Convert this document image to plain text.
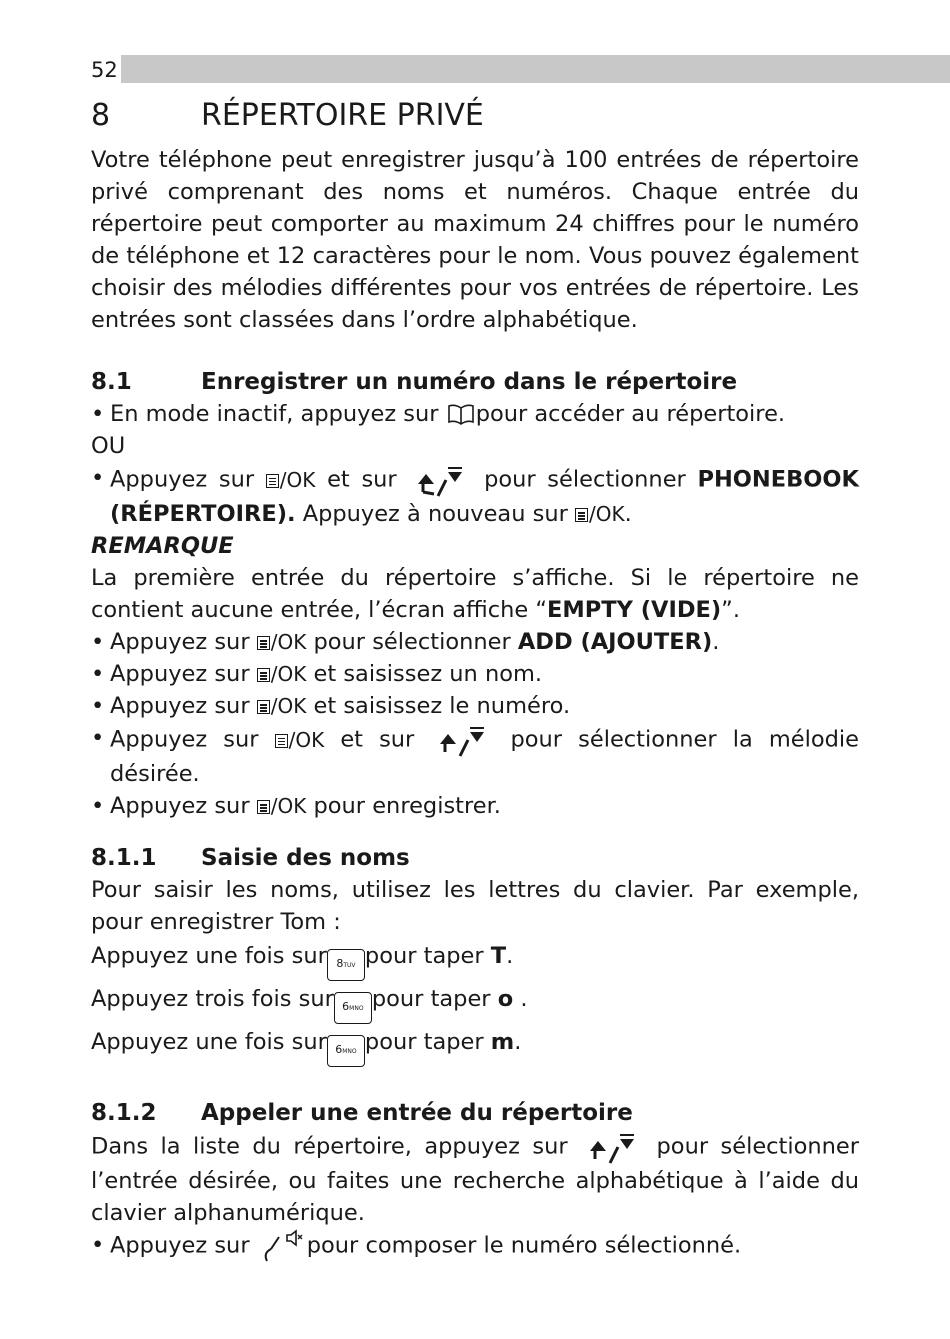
52
8	RÉPERTOIRE PRIVÉ

Votre téléphone peut enregistrer jusqu’à 100 entrées de répertoire privé comprenant des noms et numéros. Chaque entrée du répertoire peut comporter au maximum 24 chiffres pour le numéro de téléphone et 12 caractères pour le nom. Vous pouvez également choisir des mélodies différentes pour vos entrées de répertoire. Les entrées sont classées dans l’ordre alphabétique.

8.1	Enregistrer un numéro dans le répertoire
• En mode inactif, appuyez sur pour accéder au répertoire.

OU

• Appuyez sur /OK et sur	pour sélectionner PHONEBOOK (RÉPERTOIRE). Appuyez à nouveau sur /OK.

REMARQUE

La première entrée du répertoire s’affiche. Si le répertoire ne contient aucune entrée, l’écran affiche “EMPTY (VIDE)”.

• Appuyez sur /OK pour sélectionner ADD (AJOUTER).
• Appuyez sur /OK et saisissez un nom.
• Appuyez sur /OK et saisissez le numéro.
• Appuyez sur /OK et sur	pour sélectionner la mélodie désirée.
• Appuyez sur /OK pour enregistrer.
8.1.1	Saisie des noms

Pour saisir les noms, utilisez les lettres du clavier. Par exemple, pour enregistrer Tom :

Appuyez une fois sur 8TUV pour taper T.

Appuyez trois fois sur 6MNO pour taper o .

Appuyez une fois sur 6MNO pour taper m.

8.1.2	Appeler une entrée du répertoire

Dans la liste du répertoire, appuyez sur	pour sélectionner l’entrée désirée, ou faites une recherche alphabétique à l’aide du clavier alphanumérique.

• Appuyez sur	pour composer le numéro sélectionné.
